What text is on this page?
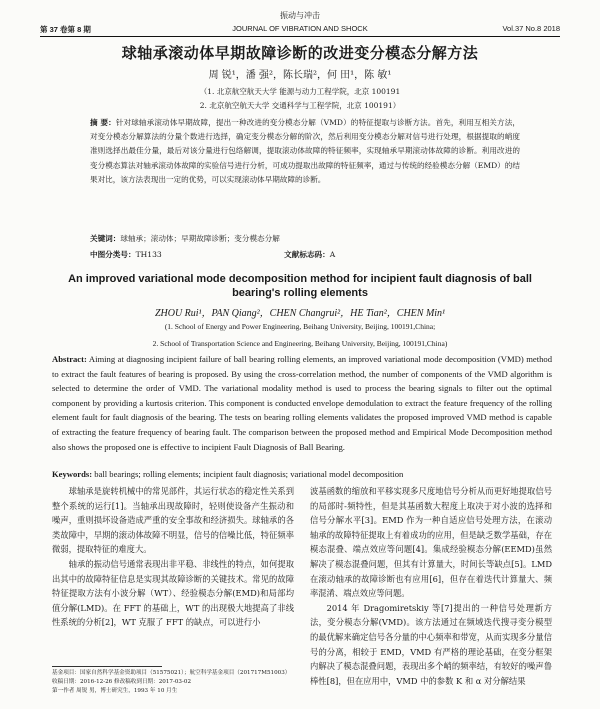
振动与冲击
第 37 卷第 8 期	JOURNAL OF VIBRATION AND SHOCK	Vol.37 No.8 2018
球轴承滚动体早期故障诊断的改进变分模态分解方法
周 锐¹，潘 强²，陈长瑞²，何 田¹，陈 敏¹
（1. 北京航空航天大学 能源与动力工程学院，北京 100191
2. 北京航空航天大学 交通科学与工程学院，北京 100191）
摘 要：针对球轴承滚动体早期故障，提出一种改进的变分模态分解（VMD）的特征提取与诊断方法。首先，利用互相关方法，对变分模态分解算法的分量个数进行选择，确定变分模态分解的阶次，然后利用变分模态分解对信号进行处理，根据提取的峭度准则选择出最佳分量，最后对该分量进行包络解调，提取滚动体故障的特征频率，实现轴承早期滚动体故障的诊断。利用改进的变分模态算法对轴承滚动体故障的实验信号进行分析，可成功提取出故障的特征频率，通过与传统的经验模态分解（EMD）的结果对比，该方法表现出一定的优势，可以实现滚动体早期故障的诊断。
关键词：球轴承；滚动体；早期故障诊断；变分模态分解
中图分类号：TH133	文献标志码：A
An improved variational mode decomposition method for incipient fault diagnosis of ball bearing's rolling elements
ZHOU Rui¹，PAN Qiang²，CHEN Changrui²，HE Tian²，CHEN Min¹
(1. School of Energy and Power Engineering, Beihang University, Beijing, 100191,China;
2. School of Transportation Science and Engineering, Beihang University, Beijing, 100191,China)
Abstract: Aiming at diagnosing incipient failure of ball bearing rolling elements, an improved variational mode decomposition (VMD) method to extract the fault features of bearing is proposed. By using the cross-correlation method, the number of components of the VMD algorithm is selected to determine the order of VMD. The variational modality method is used to process the bearing signals to filter out the optimal component by providing a kurtosis criterion. This component is conducted envelope demodulation to extract the feature frequency of the rolling element fault for fault diagnosis of the bearing. The tests on bearing rolling elements validates the proposed improved VMD method is capable of extracting the feature frequency of bearing fault. The comparison between the proposed method and Empirical Mode Decomposition method also shows the proposed one is effective to incipient Fault Diagnosis of Ball Bearing.
Keywords: ball bearings; rolling elements; incipient fault diagnosis; variational model decomposition

球轴承是旋转机械中的常见部件，其运行状态的稳定性关系到整个系统的运行[1]。当轴承出现故障时，轻则使设备产生振动和噪声，重则损坏设备造成严重的安全事故和经济损失。球轴承的各类故障中，早期的滚动体故障不明显，信号的信噪比低，特征频率微弱，提取特征的难度大。

轴承的振动信号通常表现出非平稳、非线性的特点，如何提取出其中的故障特征信息是实现其故障诊断的关键技术。常见的故障特征提取方法有小波分解（WT）、经验模态分解(EMD)和局部均值分解(LMD)。在 FFT 的基础上，WT 的出现极大地提高了非线性系统的分析[2]，WT 克服了 FFT 的缺点，可以进行小

波基函数的缩放和平移实现多尺度地信号分析从而更好地提取信号的局部时-频特性，但是其基函数大程度上取决于对小波的选择和信号分解水平[3]。EMD 作为一种自适应信号处理方法，在滚动轴承的故障特征提取上有着成功的应用，但是缺乏数学基础，存在模态混叠、端点效应等问题[4]。集成经验模态分解(EEMD)虽然解决了模态混叠问题，但其有计算量大，时间长等缺点[5]。LMD 在滚动轴承的故障诊断也有应用[6]，但存在着迭代计算量大、频率混淆、端点效应等问题。

2014 年 Dragomiretskiy 等[7]提出的一种信号处理新方法，变分模态分解(VMD)。该方法通过在频域迭代搜寻变分模型的最优解来确定信号各分量的中心频率和带宽，从而实现多分量信号的分离，相较于 EMD，VMD 有严格的理论基础，在变分框架内解决了模态混叠问题，表现出多个峭的频率结，有较好的噪声鲁棒性[8]，但在应用中，VMD 中的参数 K 和 α 对分解结果

基金项目：国家自然科学基金资助项目（51575021）；航空科学基金项目（201717M51003）
收稿日期：2016-12-26 修改稿收到日期：2017-03-02
第一作者 周锐 男，博士研究生，1993 年 10 月生
